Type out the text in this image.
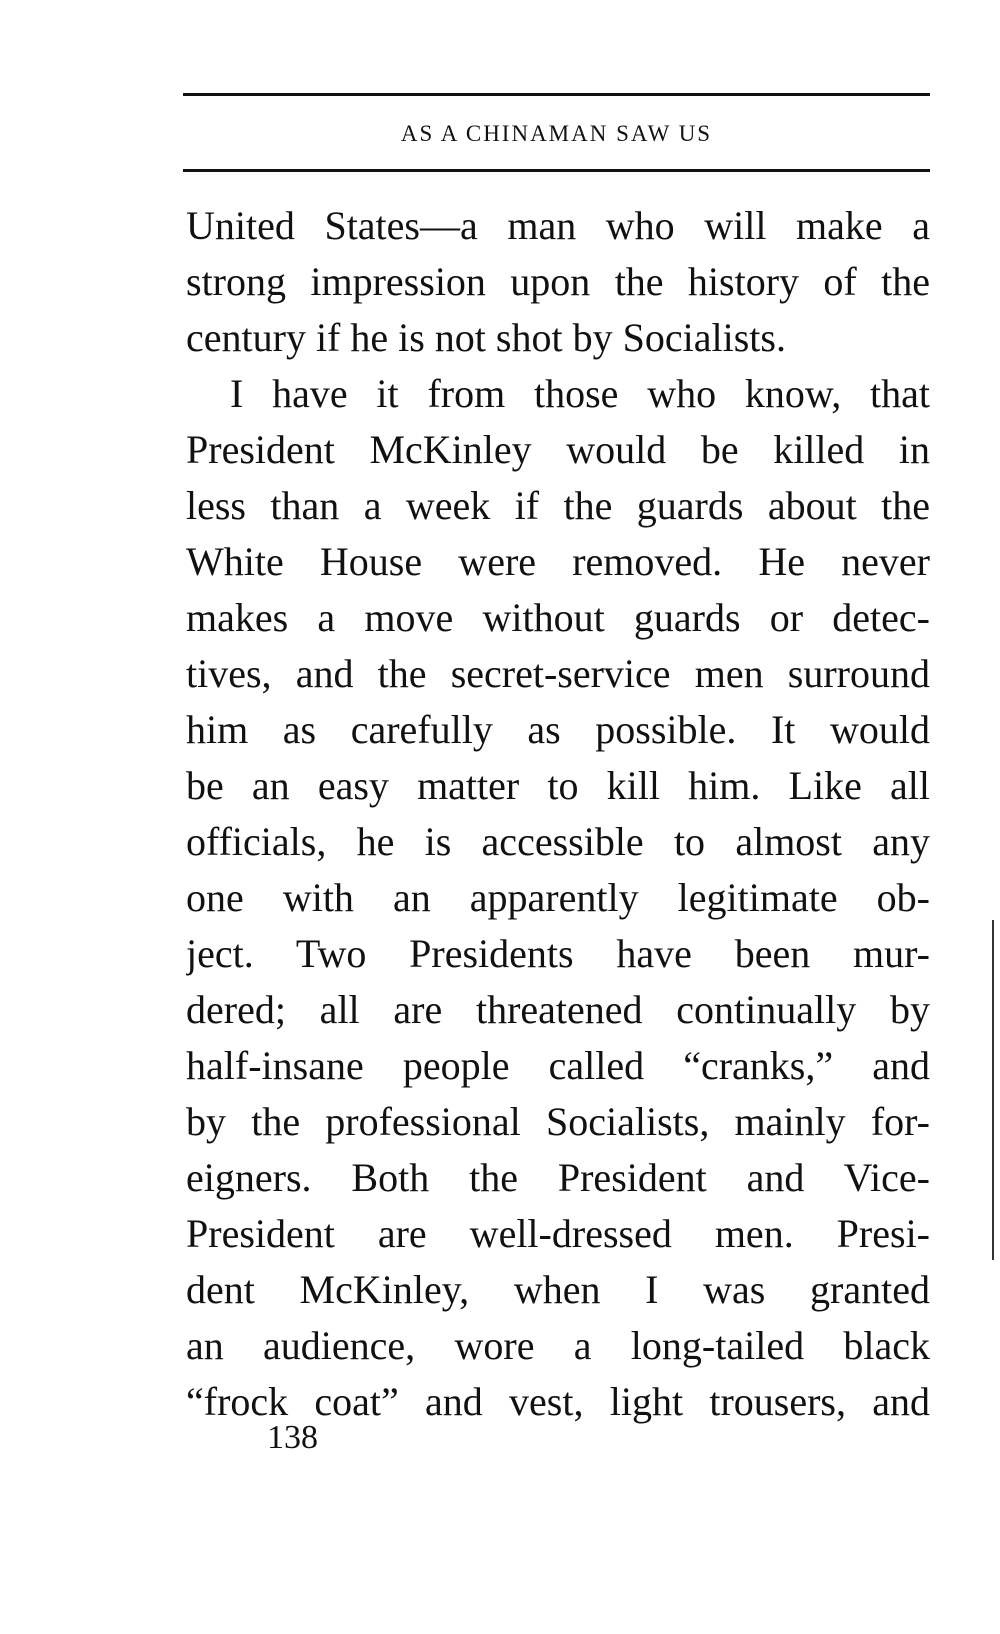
AS A CHINAMAN SAW US
United States—a man who will make a
strong impression upon the history of the
century if he is not shot by Socialists.
I have it from those who know, that
President McKinley would be killed in
less than a week if the guards about the
White House were removed. He never
makes a move without guards or detec-
tives, and the secret-service men surround
him as carefully as possible. It would
be an easy matter to kill him. Like all
officials, he is accessible to almost any
one with an apparently legitimate ob-
ject. Two Presidents have been mur-
dered; all are threatened continually by
half-insane people called “cranks,” and
by the professional Socialists, mainly for-
eigners. Both the President and Vice-
President are well-dressed men. Presi-
dent McKinley, when I was granted
an audience, wore a long-tailed black
“frock coat” and vest, light trousers, and
138
